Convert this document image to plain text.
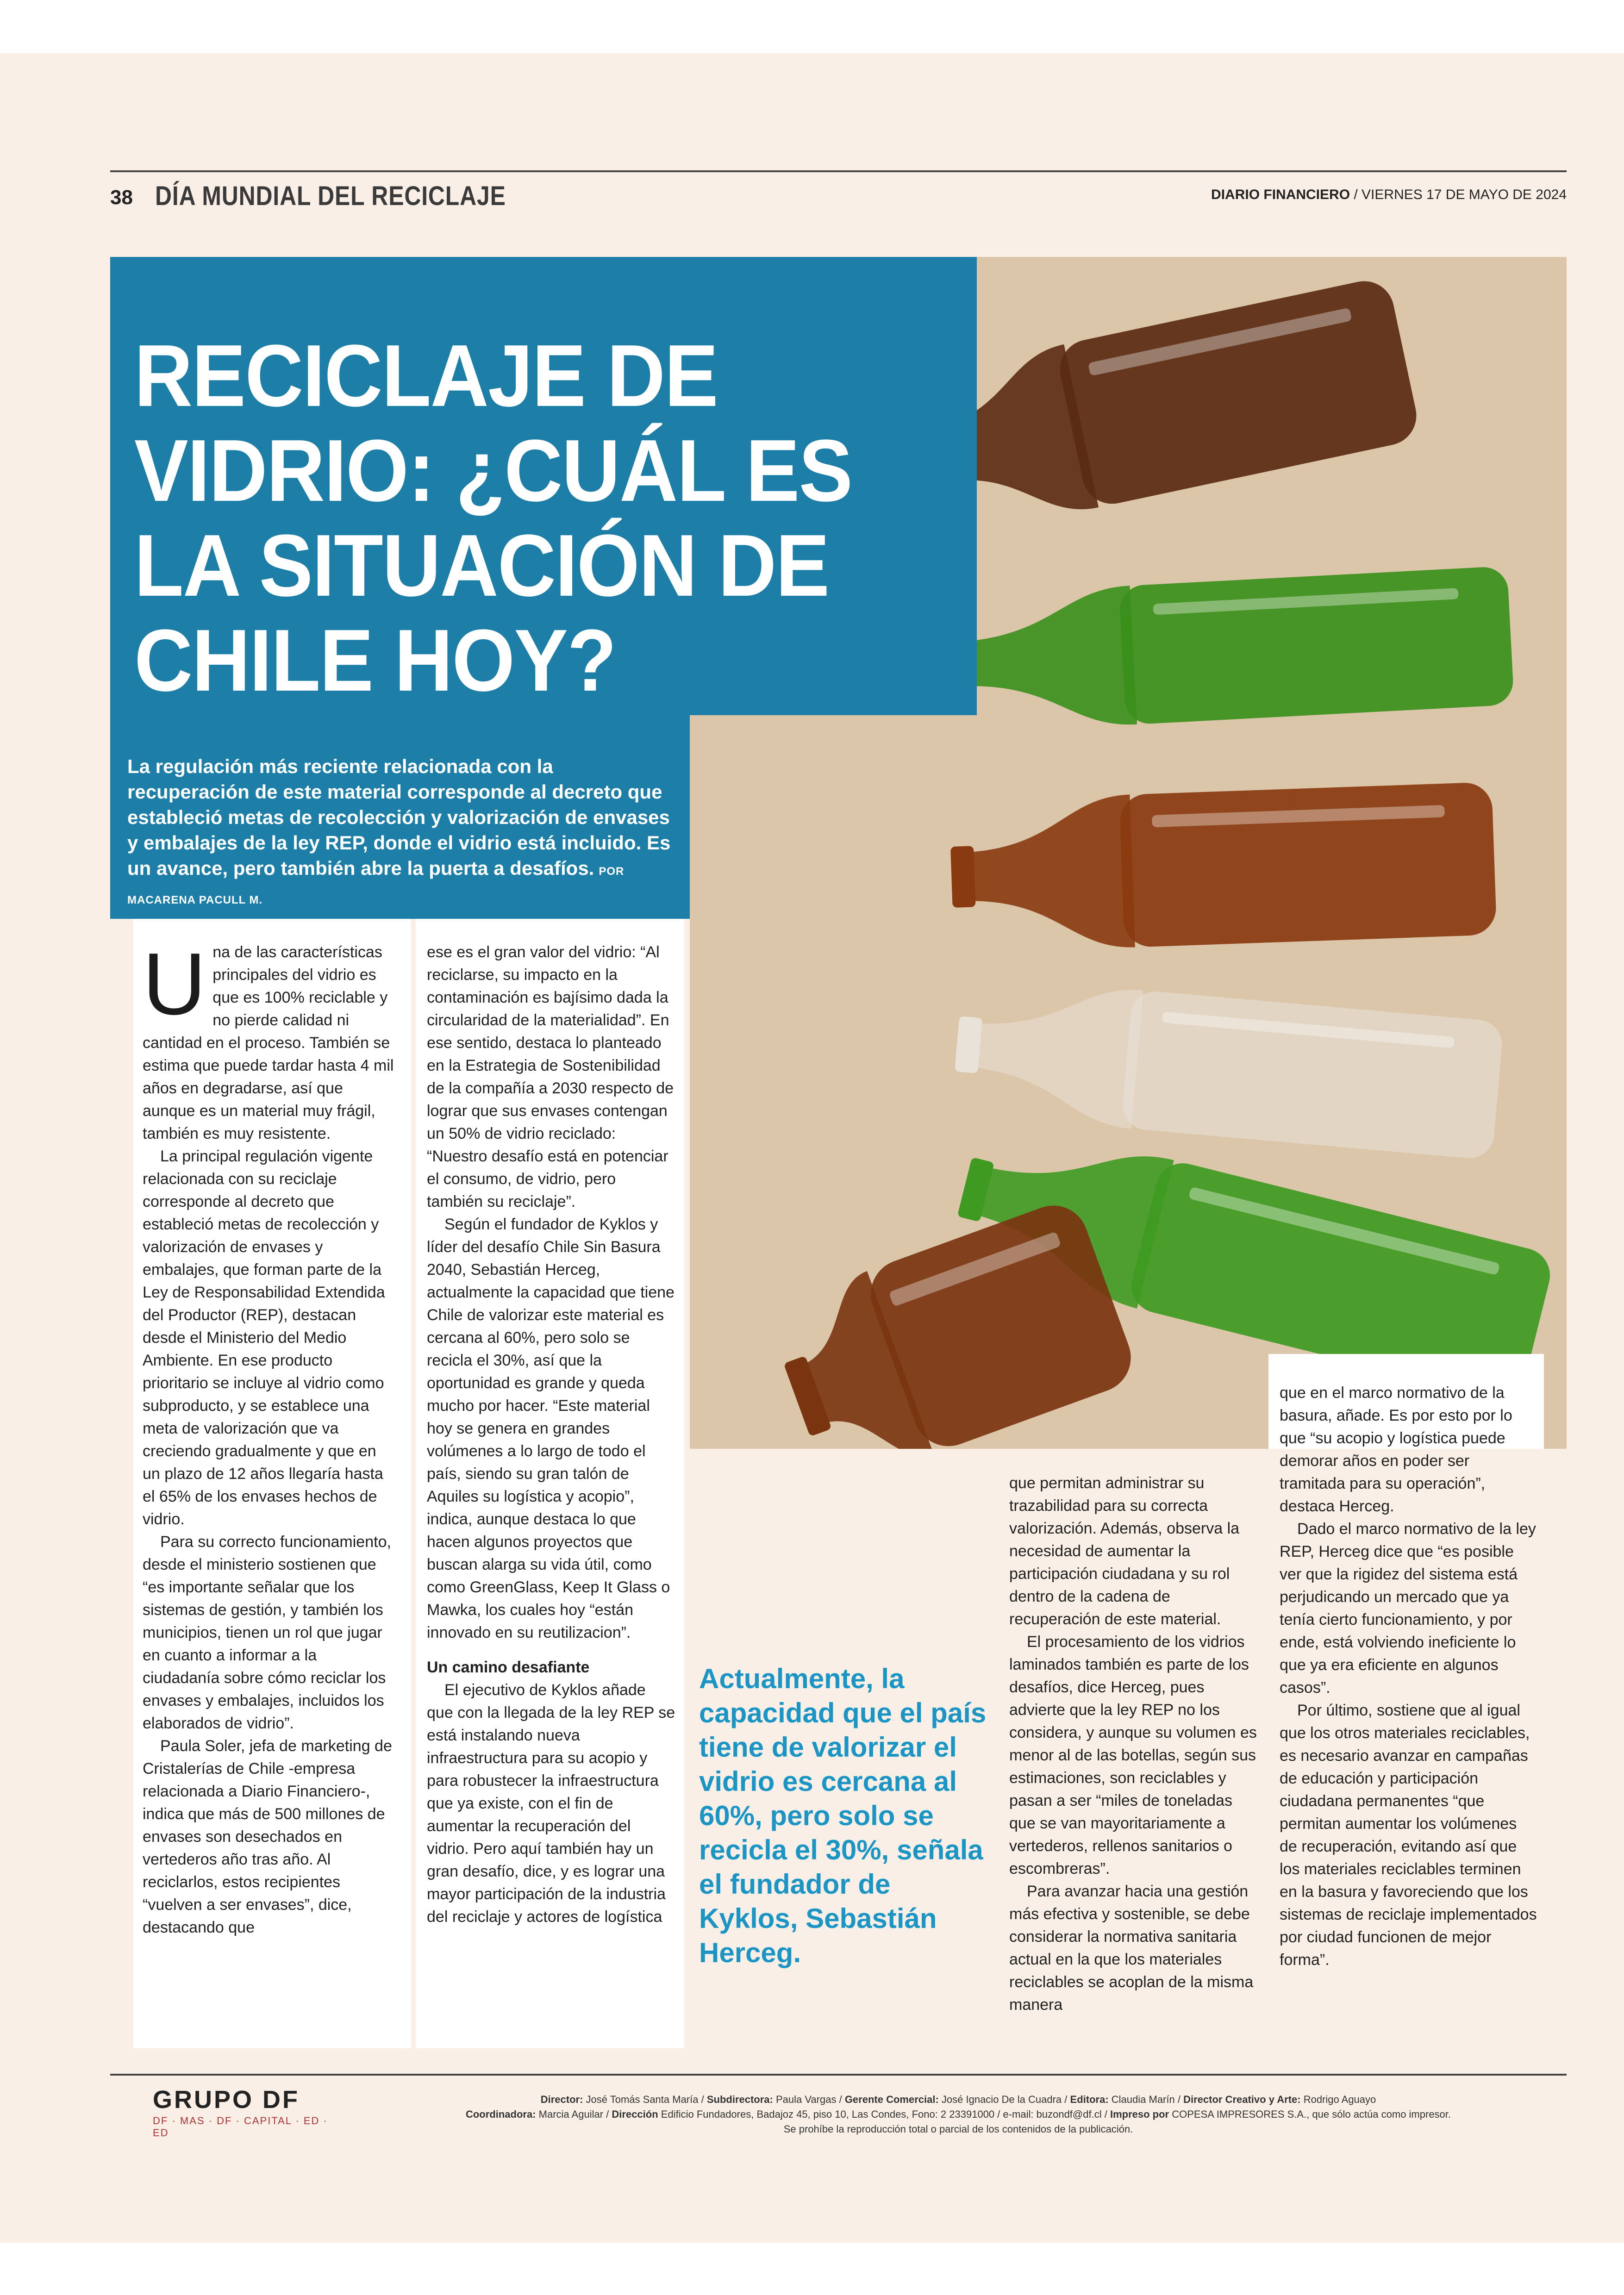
38 DÍA MUNDIAL DEL RECICLAJE	DIARIO FINANCIERO / VIERNES 17 DE MAYO DE 2024
RECICLAJE DE VIDRIO: ¿CUÁL ES LA SITUACIÓN DE CHILE HOY?

La regulación más reciente relacionada con la recuperación de este material corresponde al decreto que estableció metas de recolección y valorización de envases y embalajes de la ley REP, donde el vidrio está incluido. Es un avance, pero también abre la puerta a desafíos. POR MACARENA PACULL M.

U na de las características principales del vidrio es que es 100% reciclable y no pierde calidad ni cantidad en el proceso. También se estima que puede tardar hasta 4 mil años en degradarse, así que aunque es un material muy frágil, también es muy resistente.

La principal regulación vigente relacionada con su reciclaje corresponde al decreto que estableció metas de recolección y valorización de envases y embalajes, que forman parte de la Ley de Responsabilidad Extendida del Productor (REP), destacan desde el Ministerio del Medio Ambiente. En ese producto prioritario se incluye al vidrio como subproducto, y se establece una meta de valorización que va creciendo gradualmente y que en un plazo de 12 años llegaría hasta el 65% de los envases hechos de vidrio.

Para su correcto funcionamiento, desde el ministerio sostienen que “es importante señalar que los sistemas de gestión, y también los municipios, tienen un rol que jugar en cuanto a informar a la ciudadanía sobre cómo reciclar los envases y embalajes, incluidos los elaborados de vidrio”.

Paula Soler, jefa de marketing de Cristalerías de Chile -empresa relacionada a Diario Financiero-, indica que más de 500 millones de envases son desechados en vertederos año tras año. Al reciclarlos, estos recipientes “vuelven a ser envases”, dice, destacando que

ese es el gran valor del vidrio: “Al reciclarse, su impacto en la contaminación es bajísimo dada la circularidad de la materialidad”. En ese sentido, destaca lo planteado en la Estrategia de Sostenibilidad de la compañía a 2030 respecto de lograr que sus envases contengan un 50% de vidrio reciclado: “Nuestro desafío está en potenciar el consumo, de vidrio, pero también su reciclaje”.

Según el fundador de Kyklos y líder del desafío Chile Sin Basura 2040, Sebastián Herceg, actualmente la capacidad que tiene Chile de valorizar este material es cercana al 60%, pero solo se recicla el 30%, así que la oportunidad es grande y queda mucho por hacer. “Este material hoy se genera en grandes volúmenes a lo largo de todo el país, siendo su gran talón de Aquiles su logística y acopio”, indica, aunque destaca lo que hacen algunos proyectos que buscan alarga su vida útil, como como GreenGlass, Keep It Glass o Mawka, los cuales hoy “están innovado en su reutilizacion”.

Un camino desafiante

El ejecutivo de Kyklos añade que con la llegada de la ley REP se está instalando nueva infraestructura para su acopio y para robustecer la infraestructura que ya existe, con el fin de aumentar la recuperación del vidrio. Pero aquí también hay un gran desafío, dice, y es lograr una mayor participación de la industria del reciclaje y actores de logística

Actualmente, la capacidad que el país tiene de valorizar el vidrio es cercana al 60%, pero solo se recicla el 30%, señala el fundador de Kyklos, Sebastián Herceg.

que permitan administrar su trazabilidad para su correcta valorización. Además, observa la necesidad de aumentar la participación ciudadana y su rol dentro de la cadena de recuperación de este material.

El procesamiento de los vidrios laminados también es parte de los desafíos, dice Herceg, pues advierte que la ley REP no los considera, y aunque su volumen es menor al de las botellas, según sus estimaciones, son reciclables y pasan a ser “miles de toneladas que se van mayoritariamente a vertederos, rellenos sanitarios o escombreras”.

Para avanzar hacia una gestión más efectiva y sostenible, se debe considerar la normativa sanitaria actual en la que los materiales reciclables se acoplan de la misma manera

que en el marco normativo de la basura, añade. Es por esto por lo que “su acopio y logística puede demorar años en poder ser tramitada para su operación”, destaca Herceg.

Dado el marco normativo de la ley REP, Herceg dice que “es posible ver que la rigidez del sistema está perjudicando un mercado que ya tenía cierto funcionamiento, y por ende, está volviendo ineficiente lo que ya era eficiente en algunos casos”.

Por último, sostiene que al igual que los otros materiales reciclables, es necesario avanzar en campañas de educación y participación ciudadana permanentes “que permitan aumentar los volúmenes de recuperación, evitando así que los materiales reciclables terminen en la basura y favoreciendo que los sistemas de reciclaje implementados por ciudad funcionen de mejor forma”.

GRUPO DF
DF · MAS · DF · CAPITAL · ED · ED
Director: José Tomás Santa María / Subdirectora: Paula Vargas / Gerente Comercial: José Ignacio De la Cuadra / Editora: Claudia Marín / Director Creativo y Arte: Rodrigo Aguayo
Coordinadora: Marcia Aguilar / Dirección Edificio Fundadores, Badajoz 45, piso 10, Las Condes, Fono: 2 23391000 / e-mail: buzondf@df.cl / Impreso por COPESA IMPRESORES S.A., que sólo actúa como impresor.
Se prohíbe la reproducción total o parcial de los contenidos de la publicación.
